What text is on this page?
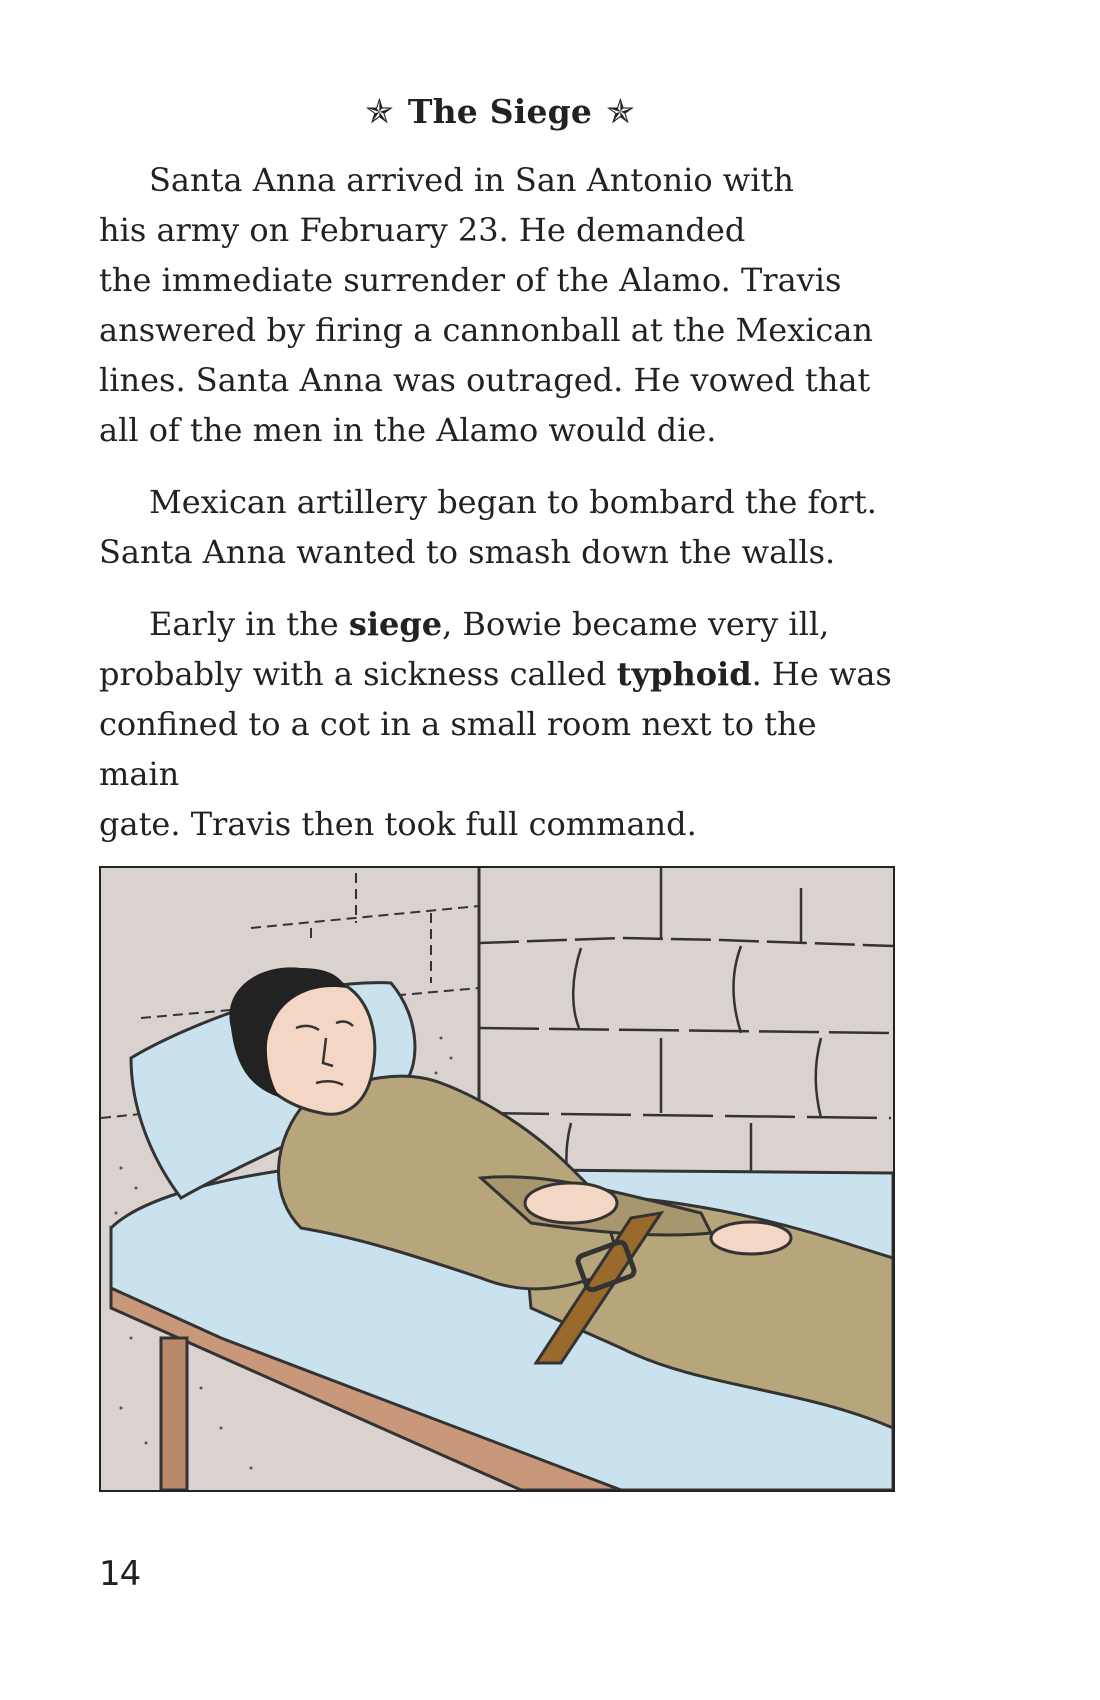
✯ The Siege ✯

Santa Anna arrived in San Antonio with
his army on February 23. He demanded
the immediate surrender of the Alamo. Travis
answered by firing a cannonball at the Mexican
lines. Santa Anna was outraged. He vowed that
all of the men in the Alamo would die.

Mexican artillery began to bombard the fort.
Santa Anna wanted to smash down the walls.

Early in the siege, Bowie became very ill,
probably with a sickness called typhoid. He was
confined to a cot in a small room next to the main
gate. Travis then took full command.

14
